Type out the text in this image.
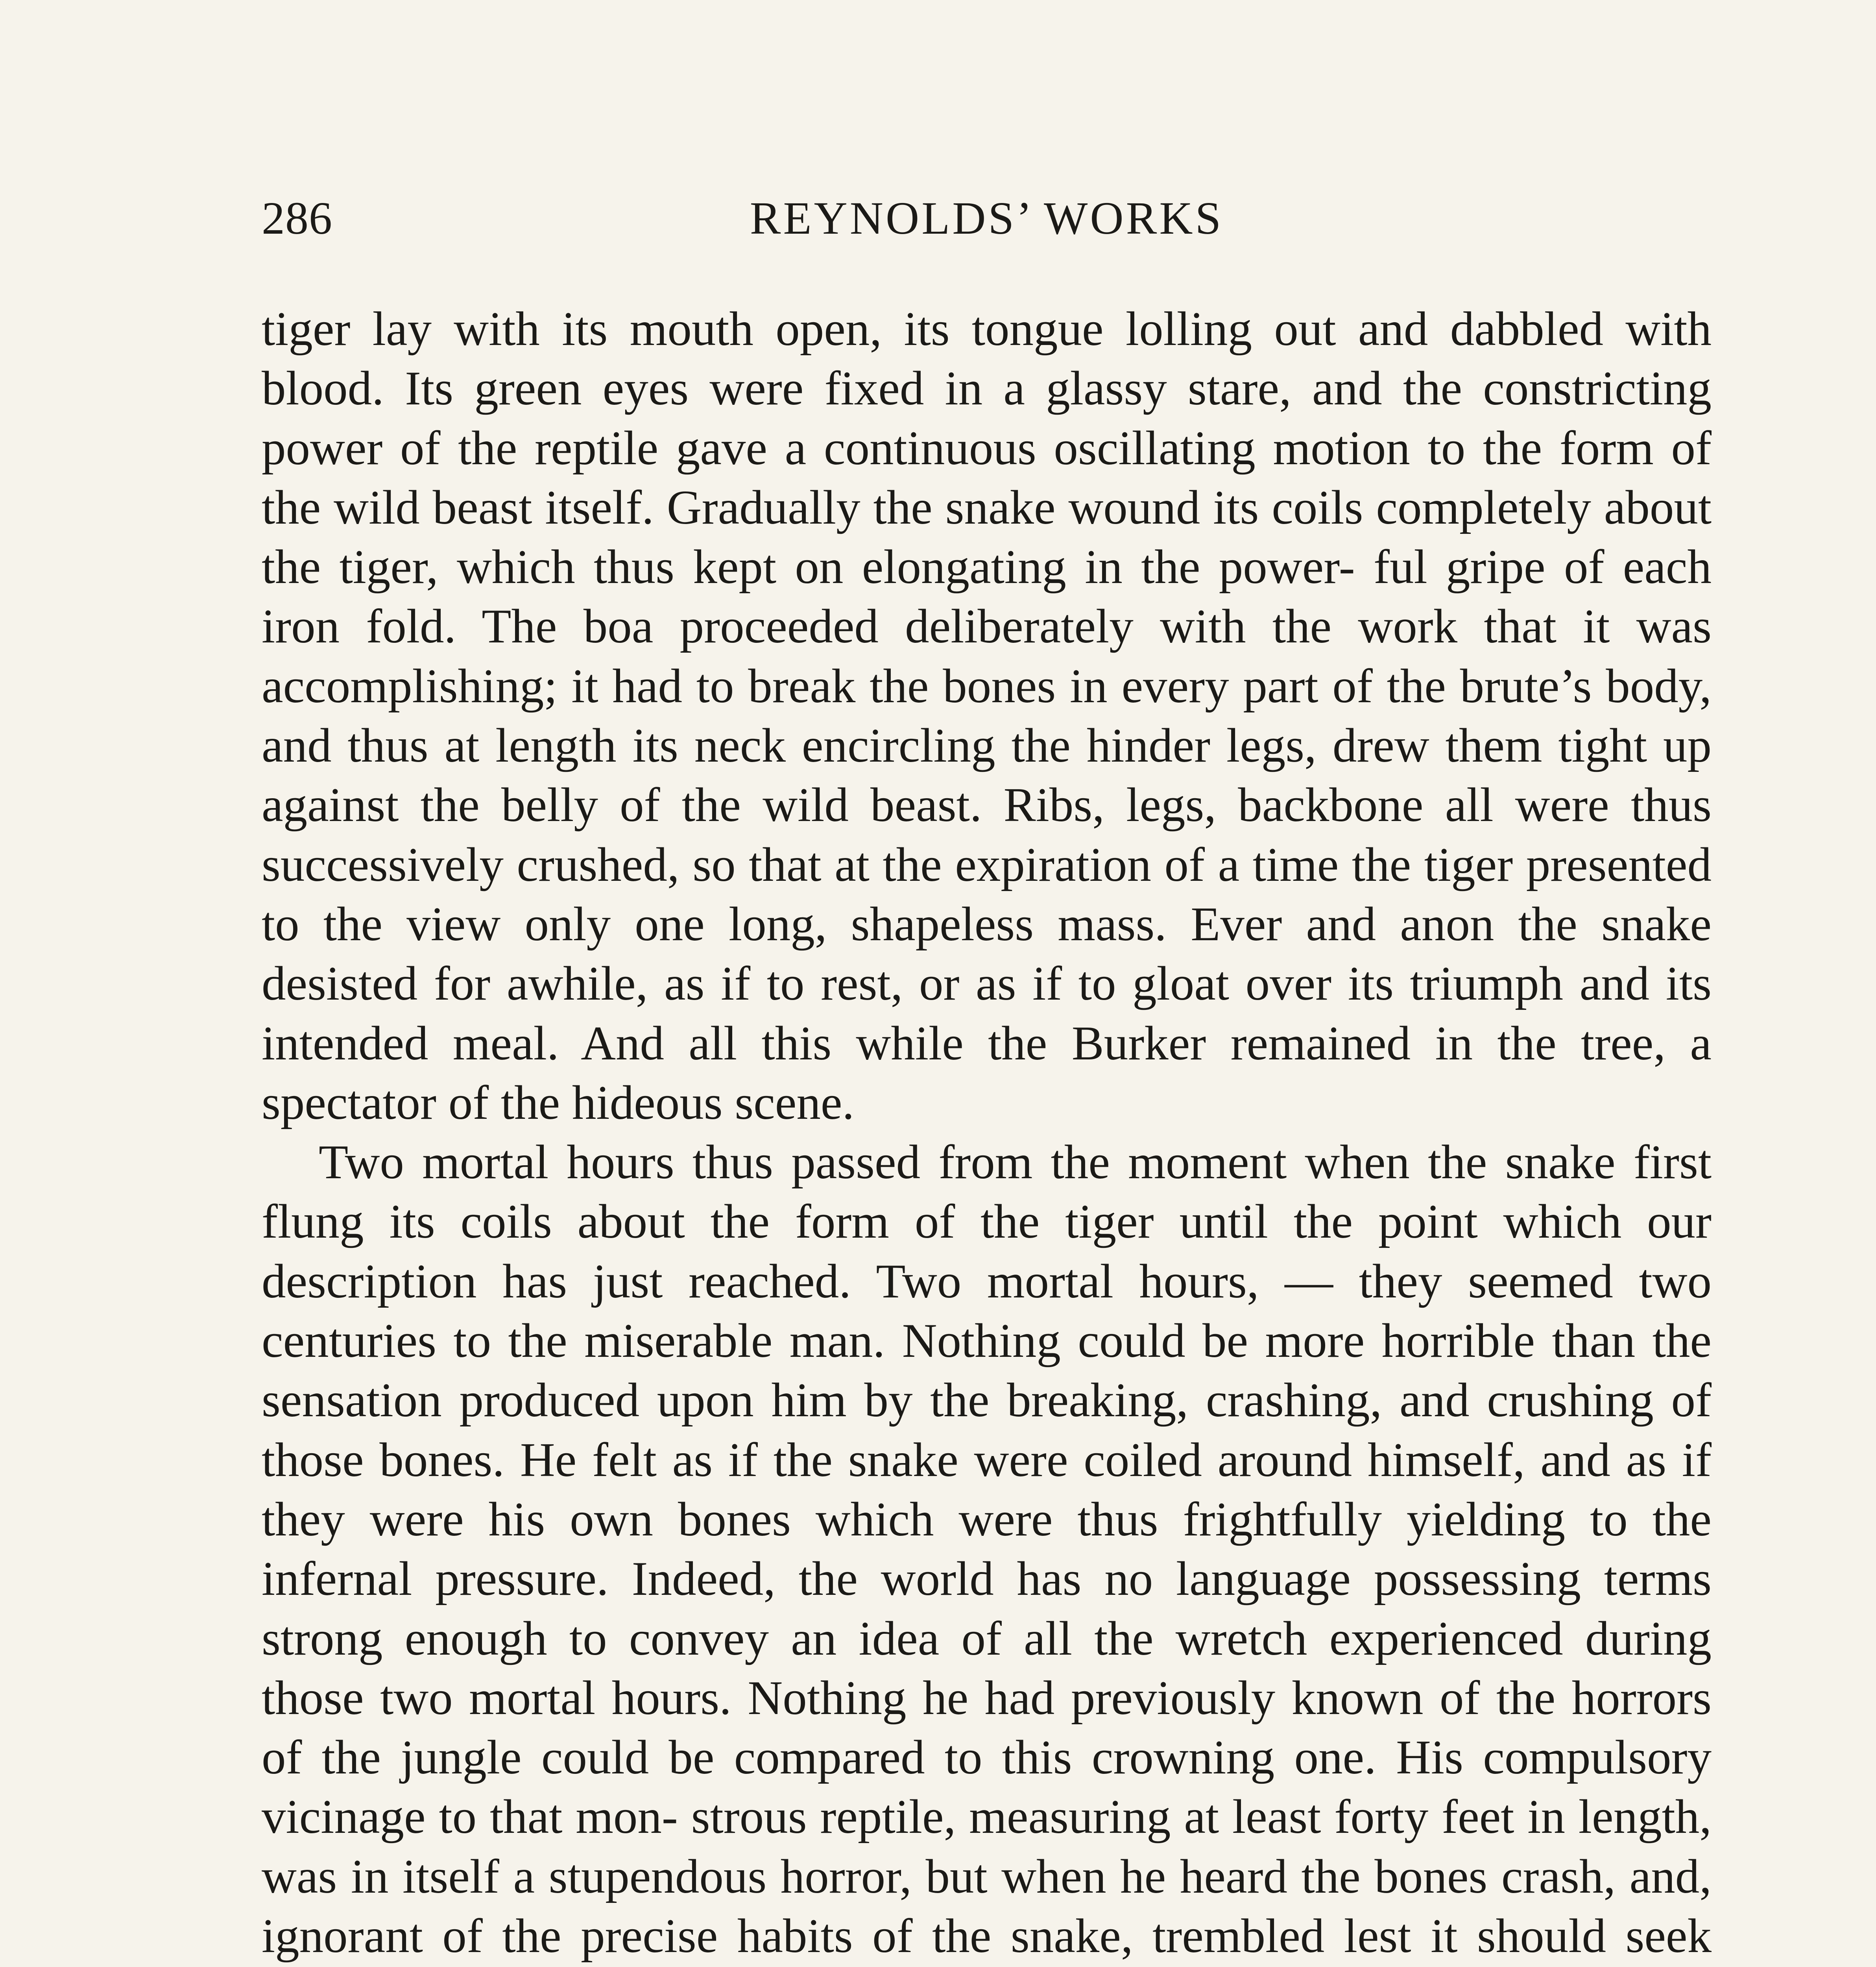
286	REYNOLDS’ WORKS

tiger lay with its mouth open, its tongue lolling out and dabbled with blood. Its green eyes were fixed in a glassy stare, and the constricting power of the reptile gave a continuous oscillating motion to the form of the wild beast itself. Gradually the snake wound its coils completely about the tiger, which thus kept on elongating in the power- ful gripe of each iron fold. The boa proceeded deliberately with the work that it was accomplishing; it had to break the bones in every part of the brute’s body, and thus at length its neck encircling the hinder legs, drew them tight up against the belly of the wild beast. Ribs, legs, backbone all were thus successively crushed, so that at the expiration of a time the tiger presented to the view only one long, shapeless mass. Ever and anon the snake desisted for awhile, as if to rest, or as if to gloat over its triumph and its intended meal. And all this while the Burker remained in the tree, a spectator of the hideous scene.

Two mortal hours thus passed from the moment when the snake first flung its coils about the form of the tiger until the point which our description has just reached. Two mortal hours, — they seemed two centuries to the miserable man. Nothing could be more horrible than the sensation produced upon him by the breaking, crashing, and crushing of those bones. He felt as if the snake were coiled around himself, and as if they were his own bones which were thus frightfully yielding to the infernal pressure. Indeed, the world has no language possessing terms strong enough to convey an idea of all the wretch experienced during those two mortal hours. Nothing he had previously known of the horrors of the jungle could be compared to this crowning one. His compulsory vicinage to that mon- strous reptile, measuring at least forty feet in length, was in itself a stupendous horror, but when he heard the bones crash, and, ignorant of the precise habits of the snake, trembled lest it should seek
